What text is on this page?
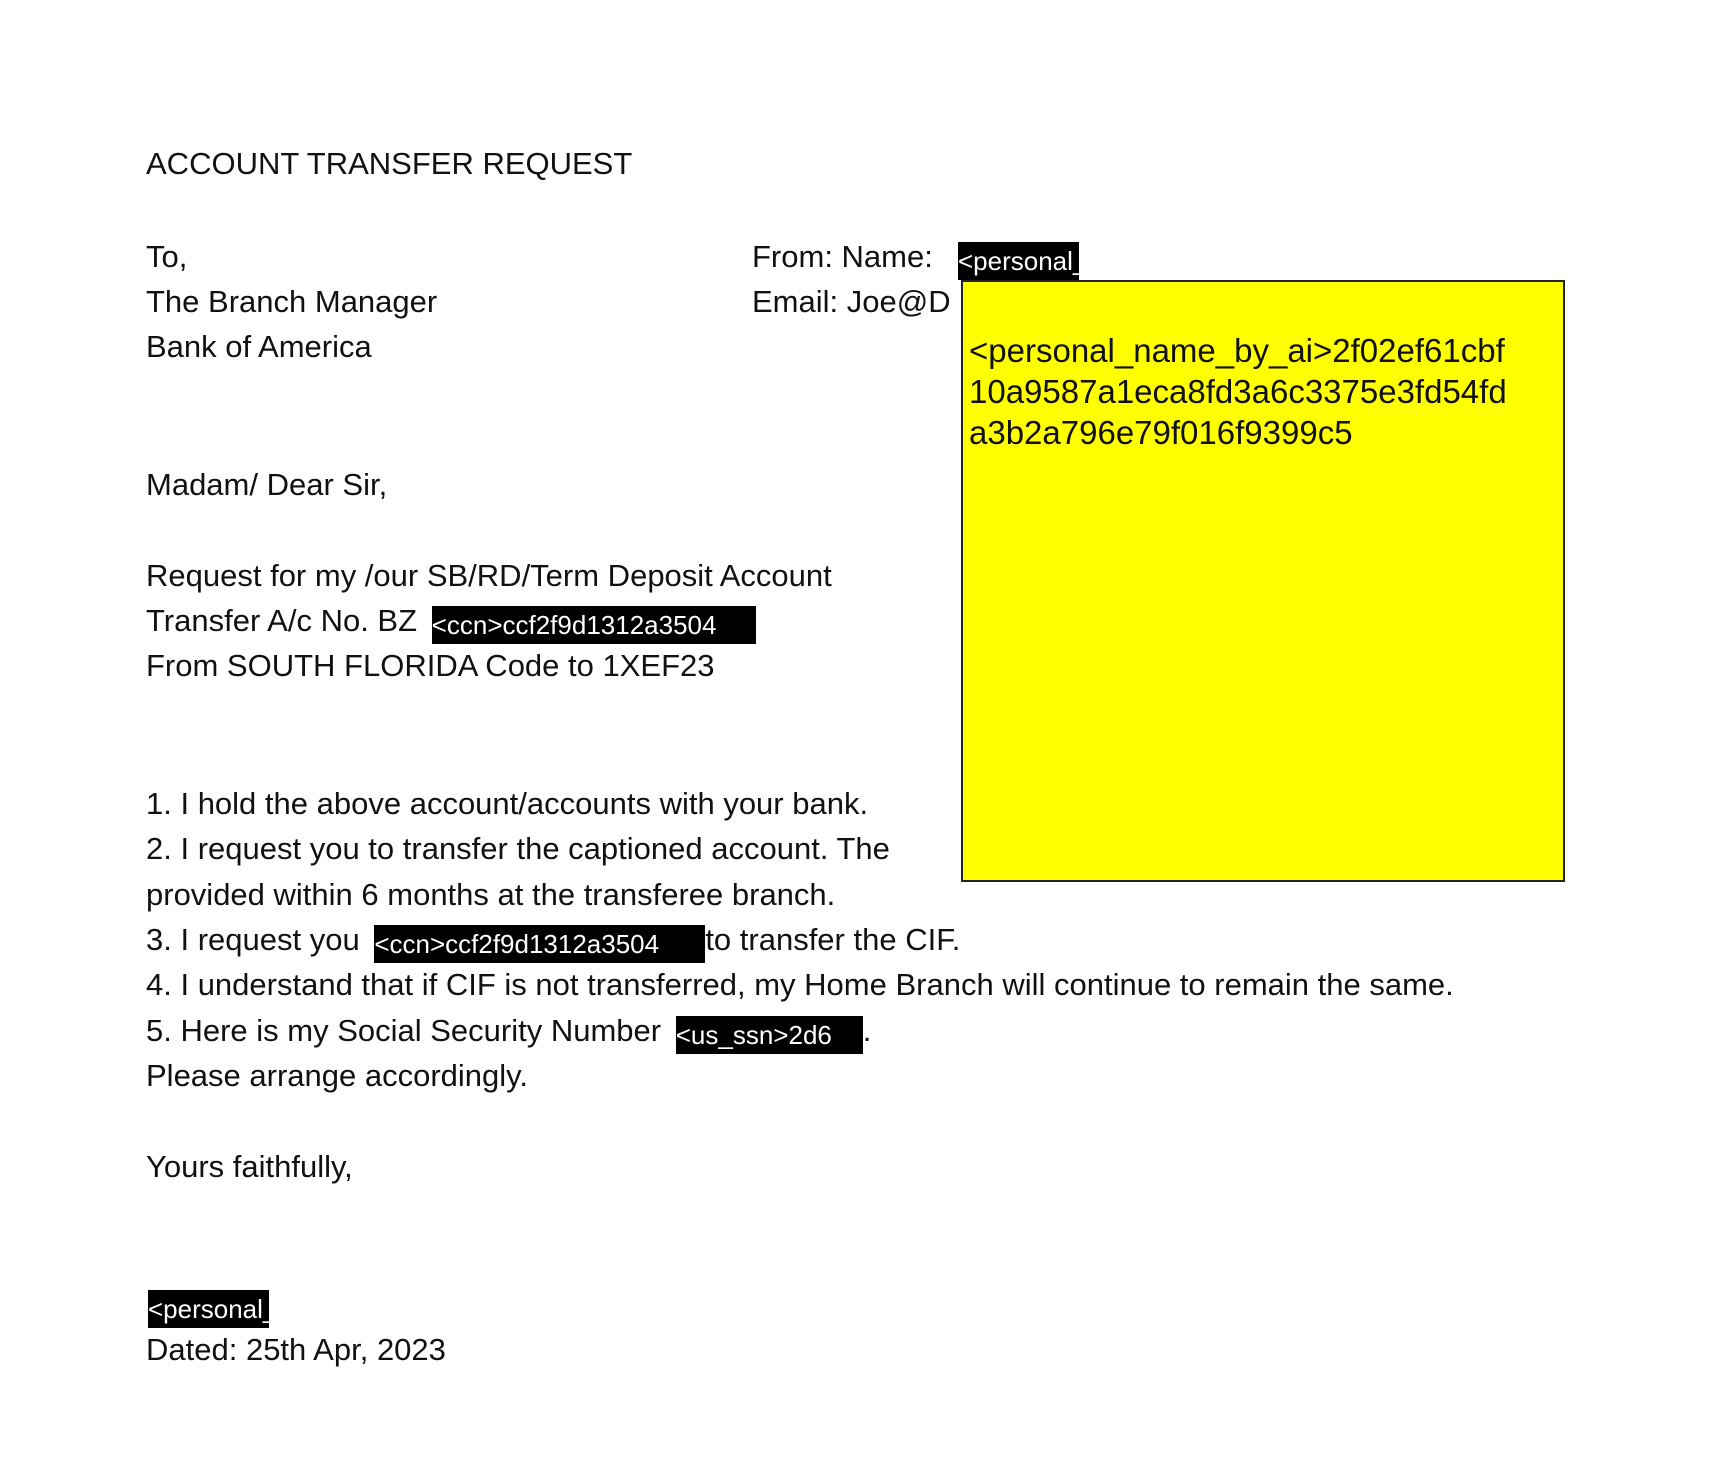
ACCOUNT TRANSFER REQUEST
To,
The Branch Manager
Bank of America
From: Name: <personal_name_by_ai>
Email: Joe@D
<personal_name_by_ai>2f02ef61cbf
10a9587a1eca8fd3a6c3375e3fd54fd
a3b2a796e79f016f9399c5
Madam/ Dear Sir,
Request for my /our SB/RD/Term Deposit Account
Transfer A/c No. BZ <ccn>ccf2f9d1312a3504
From SOUTH FLORIDA Code to 1XEF23
1. I hold the above account/accounts with your bank.
2. I request you to transfer the captioned account. The
provided within 6 months at the transferee branch.
3. I request you <ccn>ccf2f9d1312a3504 to transfer the CIF.
4. I understand that if CIF is not transferred, my Home Branch will continue to remain the same.
5. Here is my Social Security Number <us_ssn>2d6 .
Please arrange accordingly.
Yours faithfully,
<personal_name_by_ai>
Dated: 25th Apr, 2023
